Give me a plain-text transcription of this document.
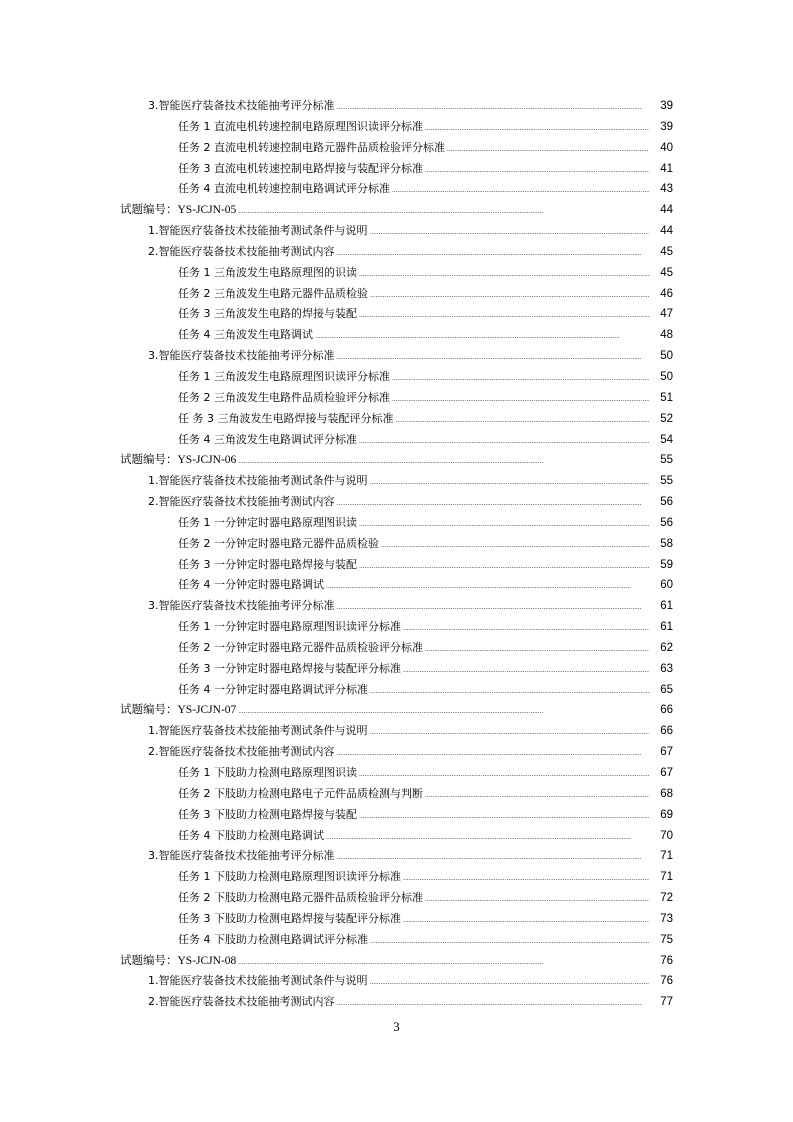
3.智能医疗装备技术技能抽考评分标准 . . .	39
任务 1 直流电机转速控制电路原理图识读评分标准 . . .	39
任务 2 直流电机转速控制电路元器件品质检验评分标准 . . .	40
任务 3 直流电机转速控制电路焊接与装配评分标准 . . .	41
任务 4 直流电机转速控制电路调试评分标准 . . .	43
试题编号：YS-JCJN-05 . . .	44
1.智能医疗装备技术技能抽考测试条件与说明 . . .	44
2.智能医疗装备技术技能抽考测试内容 . . .	45
任务 1 三角波发生电路原理图的识读 . . .	45
任务 2 三角波发生电路元器件品质检验 . . .	46
任务 3 三角波发生电路的焊接与装配 . . .	47
任务 4 三角波发生电路调试 . . .	48
3.智能医疗装备技术技能抽考评分标准 . . .	50
任务 1 三角波发生电路原理图识读评分标准 . . .	50
任务 2 三角波发生电路件品质检验评分标准 . . .	51
任 务 3 三角波发生电路焊接与装配评分标准 . . .	52
任务 4 三角波发生电路调试评分标准 . . .	54
试题编号：YS-JCJN-06 . . .	55
1.智能医疗装备技术技能抽考测试条件与说明 . . .	55
2.智能医疗装备技术技能抽考测试内容 . . .	56
任务 1 一分钟定时器电路原理图识读 . . .	56
任务 2 一分钟定时器电路元器件品质检验 . . .	58
任务 3 一分钟定时器电路焊接与装配 . . .	59
任务 4 一分钟定时器电路调试 . . .	60
3.智能医疗装备技术技能抽考评分标准 . . .	61
任务 1 一分钟定时器电路原理图识读评分标准 . . .	61
任务 2 一分钟定时器电路元器件品质检验评分标准 . . .	62
任务 3 一分钟定时器电路焊接与装配评分标准 . . .	63
任务 4 一分钟定时器电路调试评分标准 . . .	65
试题编号：YS-JCJN-07 . . .	66
1.智能医疗装备技术技能抽考测试条件与说明 . . .	66
2.智能医疗装备技术技能抽考测试内容 . . .	67
任务 1 下肢助力检测电路原理图识读 . . .	67
任务 2 下肢助力检测电路电子元件品质检测与判断 . . .	68
任务 3 下肢助力检测电路焊接与装配 . . .	69
任务 4 下肢助力检测电路调试 . . .	70
3.智能医疗装备技术技能抽考评分标准 . . .	71
任务 1 下肢助力检测电路原理图识读评分标准 . . .	71
任务 2 下肢助力检测电路元器件品质检验评分标准 . . .	72
任务 3 下肢助力检测电路焊接与装配评分标准 . . .	73
任务 4 下肢助力检测电路调试评分标准 . . .	75
试题编号：YS-JCJN-08 . . .	76
1.智能医疗装备技术技能抽考测试条件与说明 . . .	76
2.智能医疗装备技术技能抽考测试内容 . . .	77
3
